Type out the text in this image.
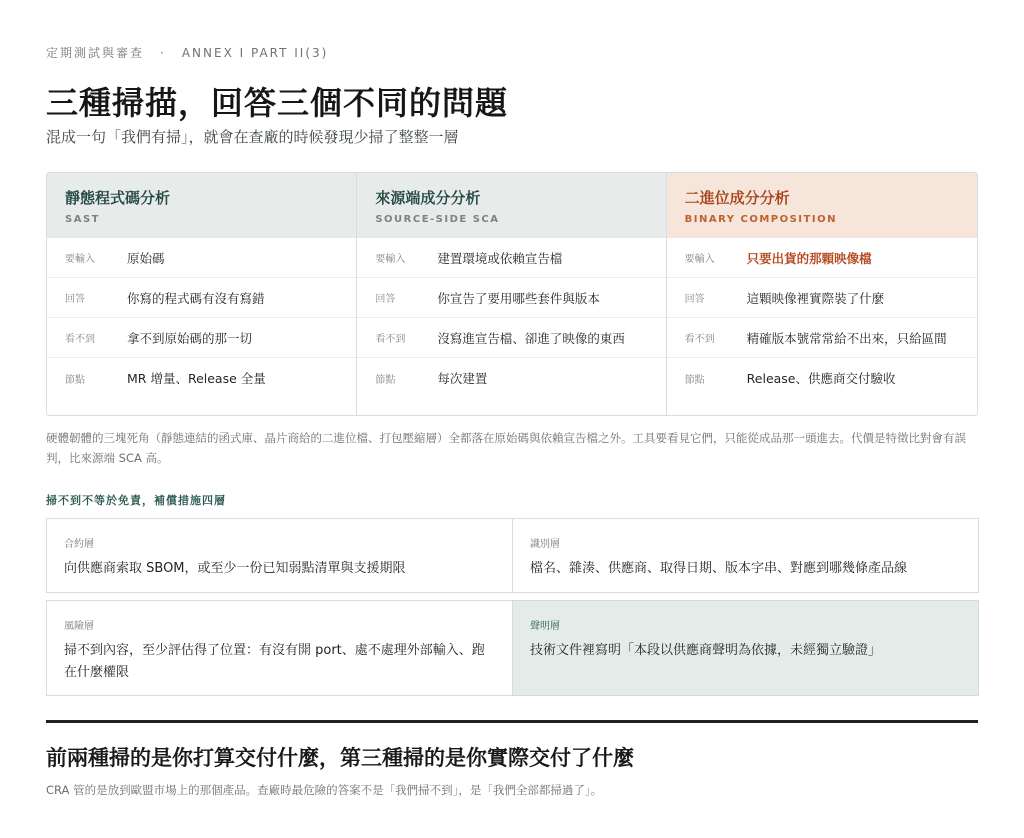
定期測試與審查 · ANNEX I PART II(3)
三種掃描，回答三個不同的問題

混成一句「我們有掃」，就會在查廠的時候發現少掃了整整一層

靜態程式碼分析
SAST
要輸入	原始碼
回答	你寫的程式碼有沒有寫錯
看不到	拿不到原始碼的那一切
節點	MR 增量、Release 全量
來源端成分分析
SOURCE-SIDE SCA
要輸入	建置環境或依賴宣告檔
回答	你宣告了要用哪些套件與版本
看不到	沒寫進宣告檔、卻進了映像的東西
節點	每次建置
二進位成分分析
BINARY COMPOSITION
要輸入	只要出貨的那顆映像檔
回答	這顆映像裡實際裝了什麼
看不到	精確版本號常常給不出來，只給區間
節點	Release、供應商交付驗收

硬體韌體的三塊死角（靜態連結的函式庫、晶片商給的二進位檔、打包壓縮層）全都落在原始碼與依賴宣告檔之外。工具要看見它們，只能從成品那一頭進去。代價是特徵比對會有誤判，比來源端 SCA 高。

掃不到不等於免責，補償措施四層
合約層
向供應商索取 SBOM，或至少一份已知弱點清單與支援期限
識別層
檔名、雜湊、供應商、取得日期、版本字串、對應到哪幾條產品線
風險層
掃不到內容，至少評估得了位置：有沒有開 port、處不處理外部輸入、跑在什麼權限
聲明層
技術文件裡寫明「本段以供應商聲明為依據，未經獨立驗證」
前兩種掃的是你打算交付什麼，第三種掃的是你實際交付了什麼

CRA 管的是放到歐盟市場上的那個產品。查廠時最危險的答案不是「我們掃不到」，是「我們全部都掃過了」。
